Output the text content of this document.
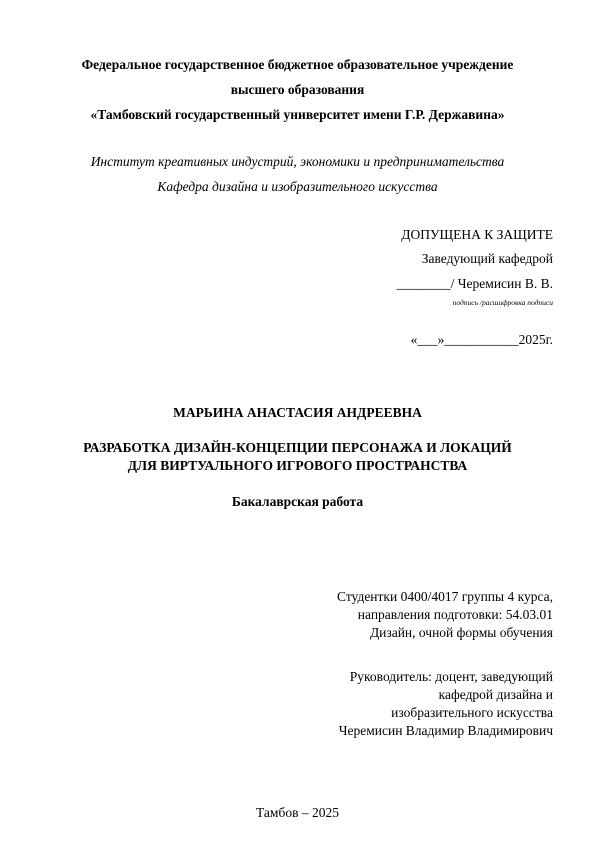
Федеральное государственное бюджетное образовательное учреждение
высшего образования
«Тамбовский государственный университет имени Г.Р. Державина»
Институт креативных индустрий, экономики и предпринимательства
Кафедра дизайна и изобразительного искусства
ДОПУЩЕНА К ЗАЩИТЕ
Заведующий кафедрой
________/ Черемисин В. В.
подпись /расшифровка подписи
«___»___________2025г.
МАРЬИНА АНАСТАСИЯ АНДРЕЕВНА
РАЗРАБОТКА ДИЗАЙН-КОНЦЕПЦИИ ПЕРСОНАЖА И ЛОКАЦИЙ
ДЛЯ ВИРТУАЛЬНОГО ИГРОВОГО ПРОСТРАНСТВА
Бакалаврская работа
Студентки 0400/4017 группы 4 курса,
направления подготовки: 54.03.01
Дизайн, очной формы обучения
Руководитель: доцент, заведующий
кафедрой дизайна и
изобразительного искусства
Черемисин Владимир Владимирович
Тамбов – 2025
